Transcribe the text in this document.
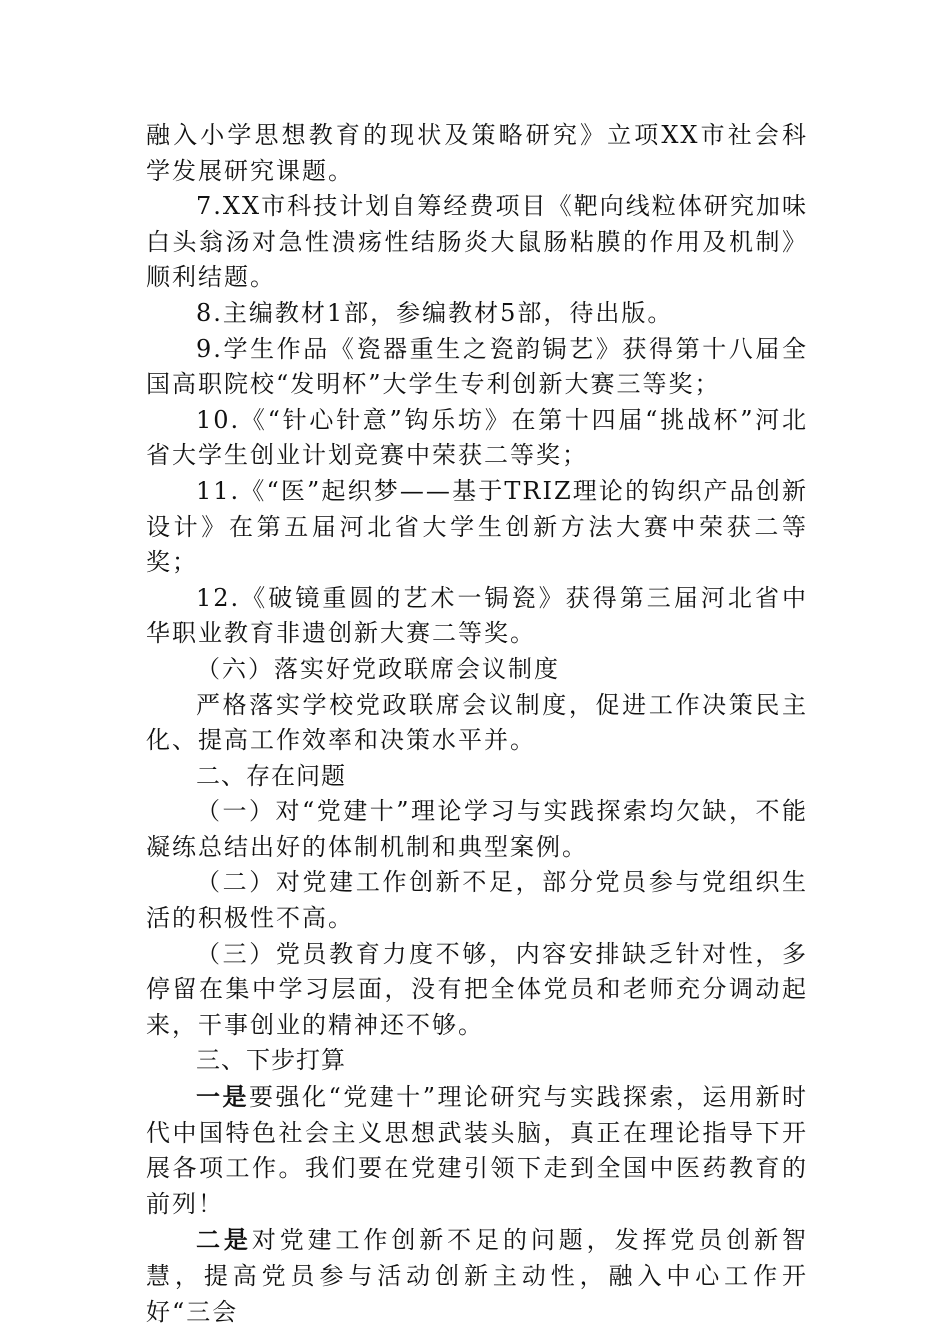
融入小学思想教育的现状及策略研究》立项XX市社会科学发展研究课题。

7.XX市科技计划自筹经费项目《靶向线粒体研究加味白头翁汤对急性溃疡性结肠炎大鼠肠粘膜的作用及机制》顺利结题。

8.主编教材1部，参编教材5部，待出版。

9.学生作品《瓷器重生之瓷韵锔艺》获得第十八届全国高职院校“发明杯”大学生专利创新大赛三等奖；

10.《“针心针意”钩乐坊》在第十四届“挑战杯”河北省大学生创业计划竞赛中荣获二等奖；

11.《“医”起织梦——基于TRIZ理论的钩织产品创新设计》在第五届河北省大学生创新方法大赛中荣获二等奖；

12.《破镜重圆的艺术一锔瓷》获得第三届河北省中华职业教育非遗创新大赛二等奖。

（六）落实好党政联席会议制度

严格落实学校党政联席会议制度，促进工作决策民主化、提高工作效率和决策水平并。

二、存在问题

（一）对“党建十”理论学习与实践探索均欠缺，不能凝练总结出好的体制机制和典型案例。

（二）对党建工作创新不足，部分党员参与党组织生活的积极性不高。

（三）党员教育力度不够，内容安排缺乏针对性，多停留在集中学习层面，没有把全体党员和老师充分调动起来，干事创业的精神还不够。

三、下步打算

一是要强化“党建十”理论研究与实践探索，运用新时代中国特色社会主义思想武装头脑，真正在理论指导下开展各项工作。我们要在党建引领下走到全国中医药教育的前列！

二是对党建工作创新不足的问题，发挥党员创新智慧，提高党员参与活动创新主动性，融入中心工作开好“三会
